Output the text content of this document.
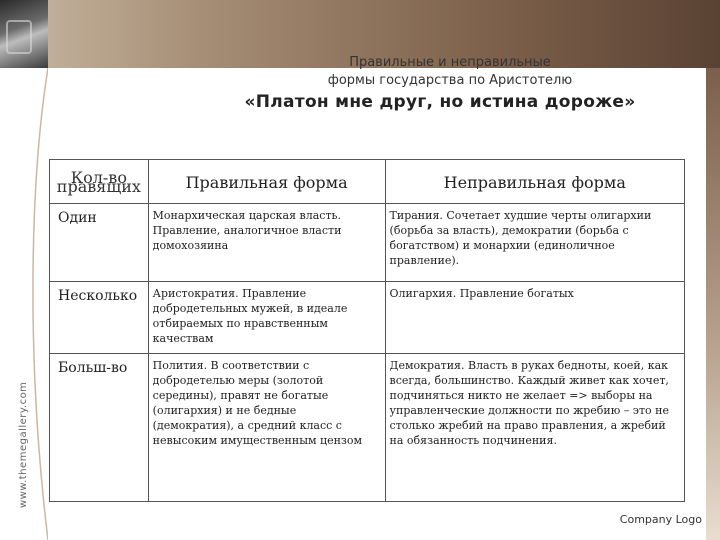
www.themegallery.com
Правильные и неправильные
формы государства по Аристотелю
«Платон мне друг, но истина дороже»
Кол-во правящих	Правильная форма	Неправильная форма
Один	Монархическая царская власть. Правление, аналогичное власти домохозяина	Тирания. Сочетает худшие черты олигархии (борьба за власть), демократии (борьба с богатством) и монархии (единоличное правление).
Несколько	Аристократия. Правление добродетельных мужей, в идеале отбираемых по нравственным качествам	Олигархия. Правление богатых
Больш-во	Полития. В соответствии с добродетелью меры (золотой середины), правят не богатые (олигархия) и не бедные (демократия), а средний класс с невысоким имущественным цензом	Демократия. Власть в руках бедноты, коей, как всегда, большинство. Каждый живет как хочет, подчиняться никто не желает => выборы на управленческие должности по жребию – это не столько жребий на право правления, а жребий на обязанность подчинения.
Company Logo
